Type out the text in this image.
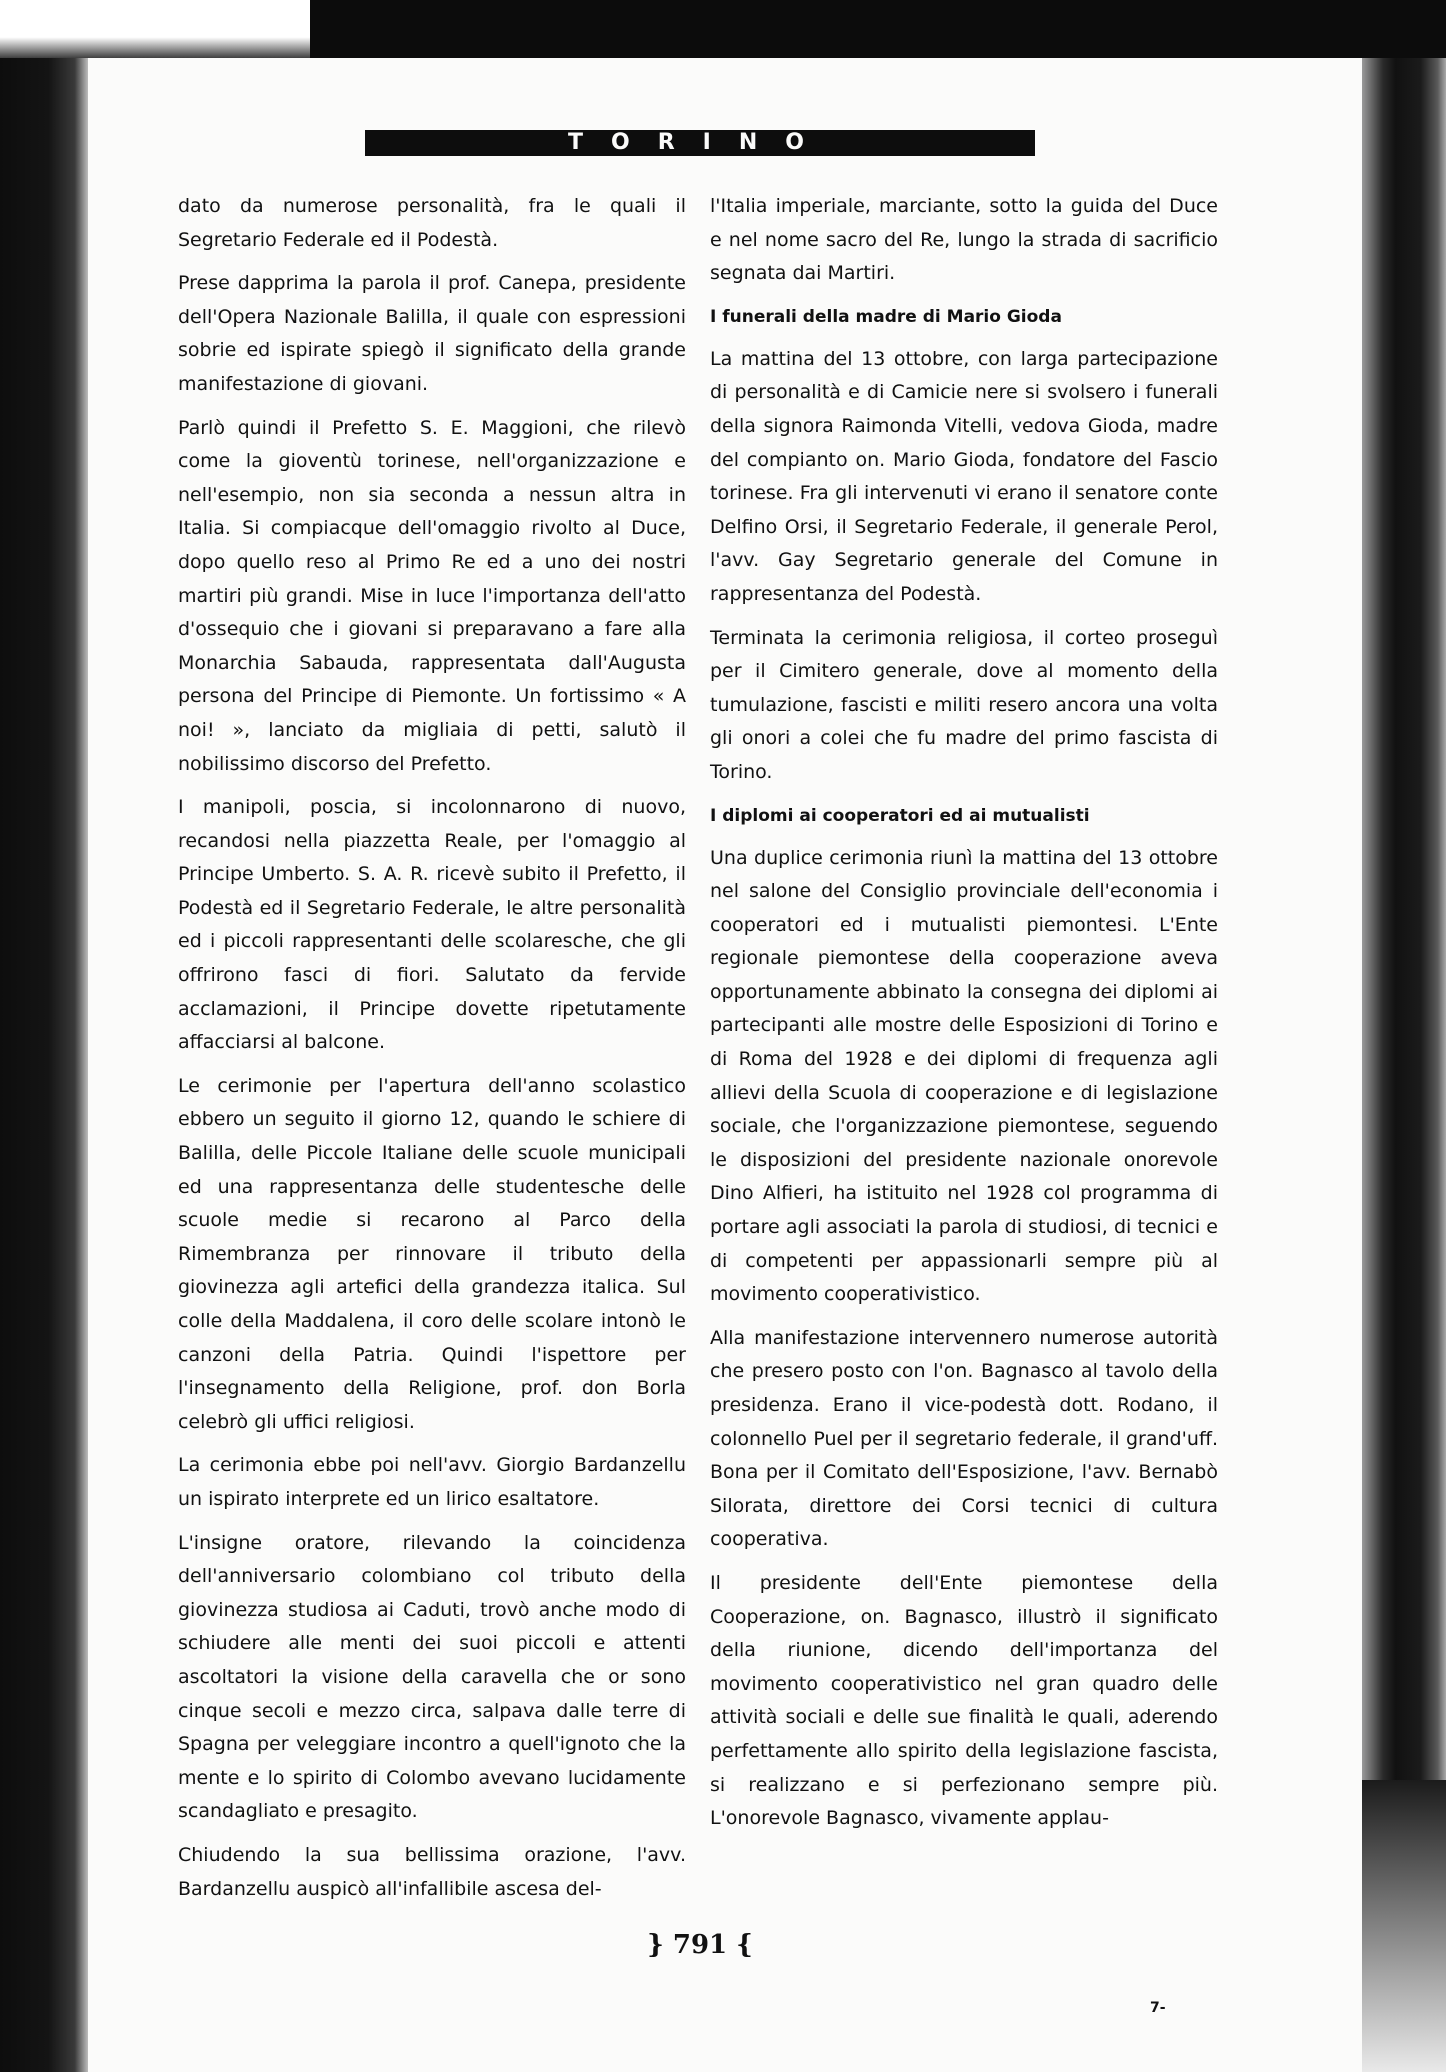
TORINO

dato da numerose personalità, fra le quali il Segretario Federale ed il Podestà.

Prese dapprima la parola il prof. Canepa, presidente dell'Opera Nazionale Balilla, il quale con espressioni sobrie ed ispirate spiegò il significato della grande manifestazione di giovani.

Parlò quindi il Prefetto S. E. Maggioni, che rilevò come la gioventù torinese, nell'organizzazione e nell'esempio, non sia seconda a nessun altra in Italia. Si compiacque dell'omaggio rivolto al Duce, dopo quello reso al Primo Re ed a uno dei nostri martiri più grandi. Mise in luce l'importanza dell'atto d'ossequio che i giovani si preparavano a fare alla Monarchia Sabauda, rappresentata dall'Augusta persona del Principe di Piemonte. Un fortissimo « A noi! », lanciato da migliaia di petti, salutò il nobilissimo discorso del Prefetto.

I manipoli, poscia, si incolonnarono di nuovo, recandosi nella piazzetta Reale, per l'omaggio al Principe Umberto. S. A. R. ricevè subito il Prefetto, il Podestà ed il Segretario Federale, le altre personalità ed i piccoli rappresentanti delle scolaresche, che gli offrirono fasci di fiori. Salutato da fervide acclamazioni, il Principe dovette ripetutamente affacciarsi al balcone.

Le cerimonie per l'apertura dell'anno scolastico ebbero un seguito il giorno 12, quando le schiere di Balilla, delle Piccole Italiane delle scuole municipali ed una rappresentanza delle studentesche delle scuole medie si recarono al Parco della Rimembranza per rinnovare il tributo della giovinezza agli artefici della grandezza italica. Sul colle della Maddalena, il coro delle scolare intonò le canzoni della Patria. Quindi l'ispettore per l'insegnamento della Religione, prof. don Borla celebrò gli uffici religiosi.

La cerimonia ebbe poi nell'avv. Giorgio Bardanzellu un ispirato interprete ed un lirico esaltatore.

L'insigne oratore, rilevando la coincidenza dell'anniversario colombiano col tributo della giovinezza studiosa ai Caduti, trovò anche modo di schiudere alle menti dei suoi piccoli e attenti ascoltatori la visione della caravella che or sono cinque secoli e mezzo circa, salpava dalle terre di Spagna per veleggiare incontro a quell'ignoto che la mente e lo spirito di Colombo avevano lucidamente scandagliato e presagito.

Chiudendo la sua bellissima orazione, l'avv. Bardanzellu auspicò all'infallibile ascesa del-

l'Italia imperiale, marciante, sotto la guida del Duce e nel nome sacro del Re, lungo la strada di sacrificio segnata dai Martiri.

I funerali della madre di Mario Gioda

La mattina del 13 ottobre, con larga partecipazione di personalità e di Camicie nere si svolsero i funerali della signora Raimonda Vitelli, vedova Gioda, madre del compianto on. Mario Gioda, fondatore del Fascio torinese. Fra gli intervenuti vi erano il senatore conte Delfino Orsi, il Segretario Federale, il generale Perol, l'avv. Gay Segretario generale del Comune in rappresentanza del Podestà.

Terminata la cerimonia religiosa, il corteo proseguì per il Cimitero generale, dove al momento della tumulazione, fascisti e militi resero ancora una volta gli onori a colei che fu madre del primo fascista di Torino.

I diplomi ai cooperatori ed ai mutualisti

Una duplice cerimonia riunì la mattina del 13 ottobre nel salone del Consiglio provinciale dell'economia i cooperatori ed i mutualisti piemontesi. L'Ente regionale piemontese della cooperazione aveva opportunamente abbinato la consegna dei diplomi ai partecipanti alle mostre delle Esposizioni di Torino e di Roma del 1928 e dei diplomi di frequenza agli allievi della Scuola di cooperazione e di legislazione sociale, che l'organizzazione piemontese, seguendo le disposizioni del presidente nazionale onorevole Dino Alfieri, ha istituito nel 1928 col programma di portare agli associati la parola di studiosi, di tecnici e di competenti per appassionarli sempre più al movimento cooperativistico.

Alla manifestazione intervennero numerose autorità che presero posto con l'on. Bagnasco al tavolo della presidenza. Erano il vice-podestà dott. Rodano, il colonnello Puel per il segretario federale, il grand'uff. Bona per il Comitato dell'Esposizione, l'avv. Bernabò Silorata, direttore dei Corsi tecnici di cultura cooperativa.

Il presidente dell'Ente piemontese della Cooperazione, on. Bagnasco, illustrò il significato della riunione, dicendo dell'importanza del movimento cooperativistico nel gran quadro delle attività sociali e delle sue finalità le quali, aderendo perfettamente allo spirito della legislazione fascista, si realizzano e si perfezionano sempre più. L'onorevole Bagnasco, vivamente applau-

} 791 {
7-
